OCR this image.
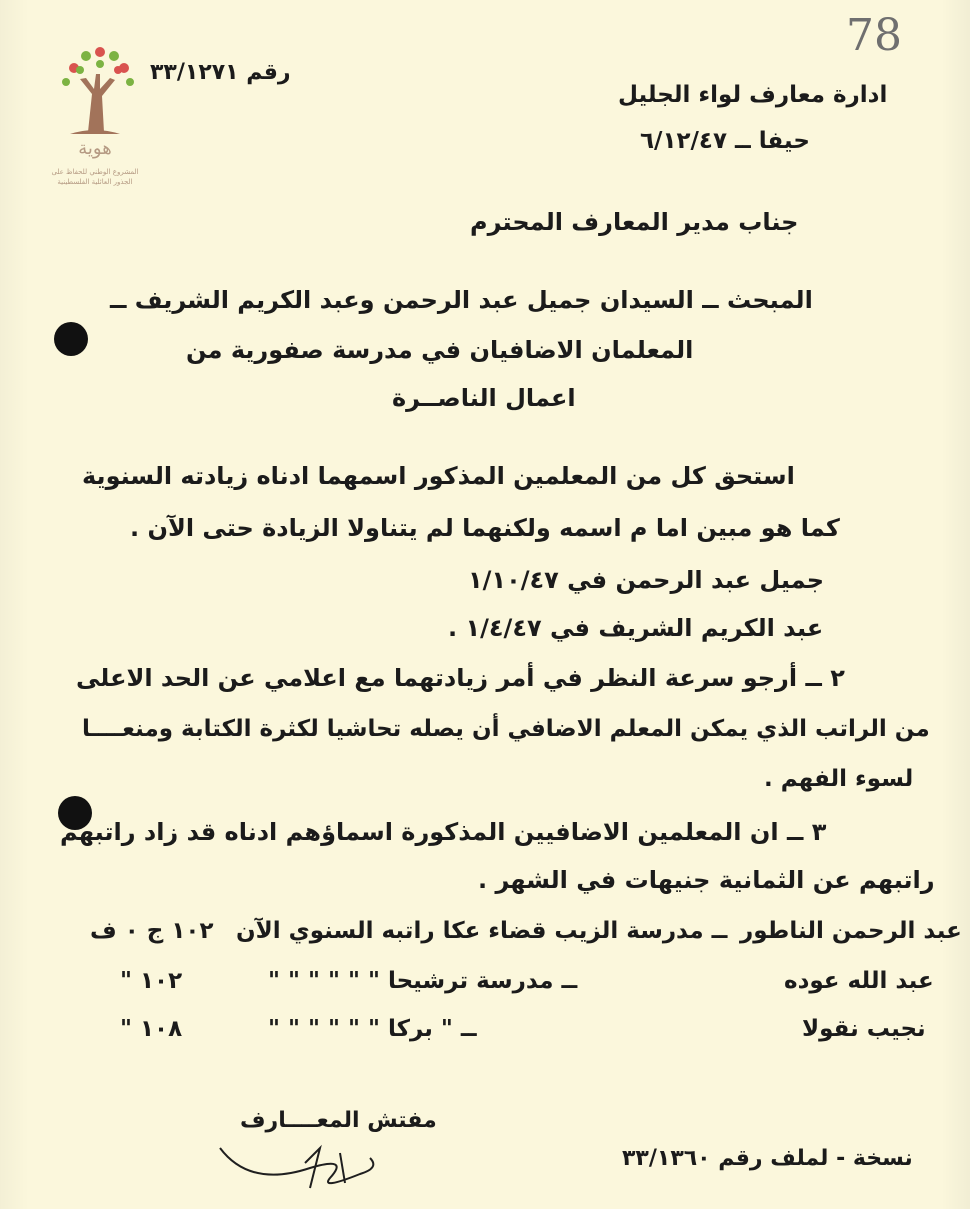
هوية
المشروع الوطني للحفاظ على
الجذور العائلية الفلسطينية
78
رقم ٣٣/١٢٧١
ادارة معارف لواء الجليل
حيفا ــ ٦/١٢/٤٧
جناب مدير المعارف المحترم
المبحث ــ السيدان جميل عبد الرحمن وعبد الكريم الشريف ــ
المعلمان الاضافيان في مدرسة صفورية من
اعمال الناصــرة
استحق كل من المعلمين المذكور اسمهما ادناه زيادته السنوية
كما هو مبين اما م اسمه ولكنهما لم يتناولا الزيادة حتى الآن .
جميل عبد الرحمن في ١/١٠/٤٧
عبد الكريم الشريف في ١/٤/٤٧ .
٢ ــ أرجو سرعة النظر في أمر زيادتهما مع اعلامي عن الحد الاعلى
من الراتب الذي يمكن المعلم الاضافي أن يصله تحاشيا لكثرة الكتابة ومنعــــا
لسوء الفهم .
٣ ــ ان المعلمين الاضافيين المذكورة اسماؤهم ادناه قد زاد راتبهم
راتبهم عن الثمانية جنيهات في الشهر .
عبد الرحمن الناطور
ــ مدرسة الزيب قضاء عكا راتبه السنوي الآن
١٠٢ ج ٠ ف
عبد الله عوده
ــ مدرسة ترشيحا " " " " " "
١٠٢ "
نجيب نقولا
ــ " بركا " " " " " "
١٠٨ "
مفتش المعــــارف
نسخة - لملف رقم ٣٣/١٣٦٠
